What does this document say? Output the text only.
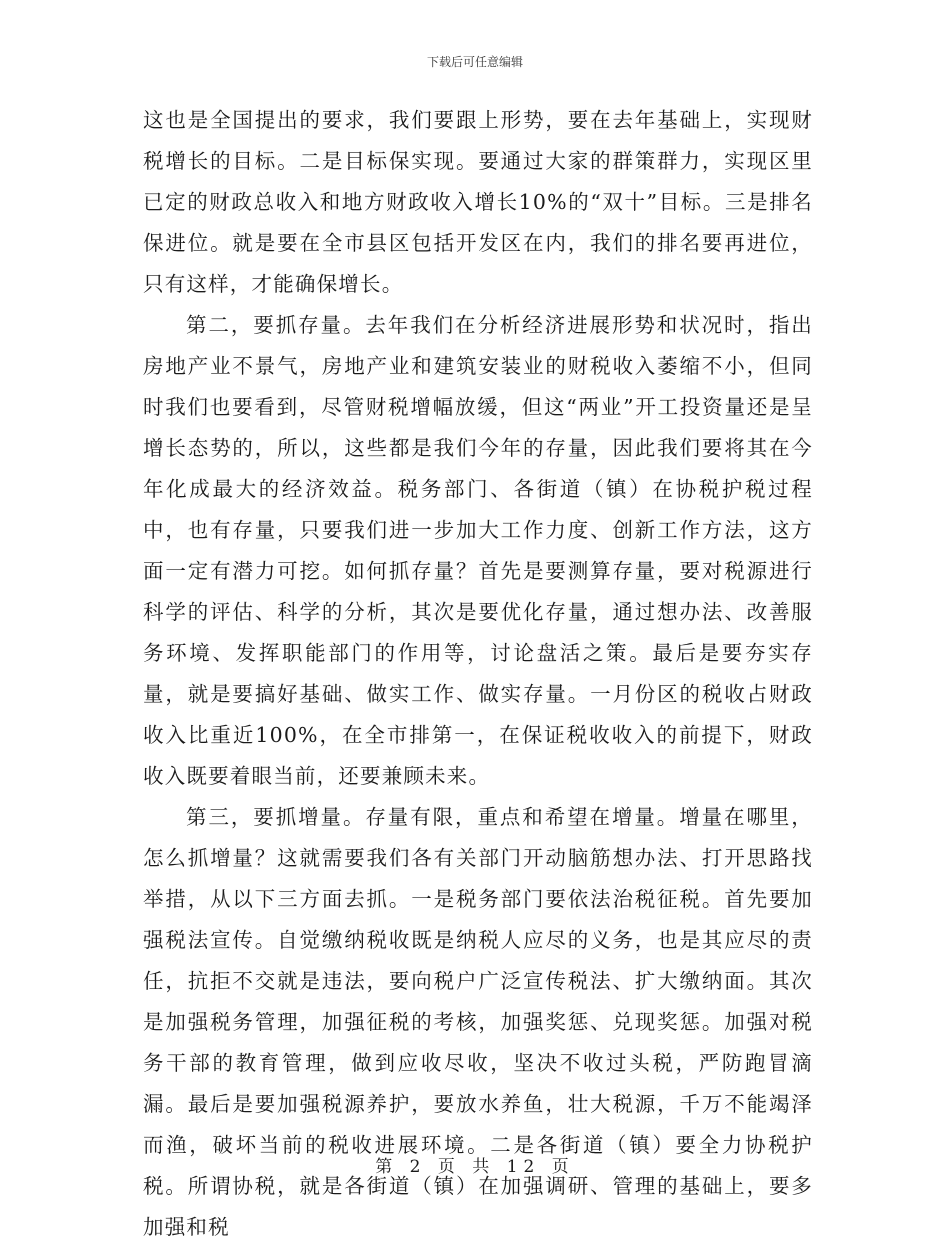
下载后可任意编辑

这也是全国提出的要求，我们要跟上形势，要在去年基础上，实现财税增长的目标。二是目标保实现。要通过大家的群策群力，实现区里已定的财政总收入和地方财政收入增长10%的“双十”目标。三是排名保进位。就是要在全市县区包括开发区在内，我们的排名要再进位，只有这样，才能确保增长。

第二，要抓存量。去年我们在分析经济进展形势和状况时，指出房地产业不景气，房地产业和建筑安装业的财税收入萎缩不小，但同时我们也要看到，尽管财税增幅放缓，但这“两业”开工投资量还是呈增长态势的，所以，这些都是我们今年的存量，因此我们要将其在今年化成最大的经济效益。税务部门、各街道（镇）在协税护税过程中，也有存量，只要我们进一步加大工作力度、创新工作方法，这方面一定有潜力可挖。如何抓存量？首先是要测算存量，要对税源进行科学的评估、科学的分析，其次是要优化存量，通过想办法、改善服务环境、发挥职能部门的作用等，讨论盘活之策。最后是要夯实存量，就是要搞好基础、做实工作、做实存量。一月份区的税收占财政收入比重近100%，在全市排第一，在保证税收收入的前提下，财政收入既要着眼当前，还要兼顾未来。

第三，要抓增量。存量有限，重点和希望在增量。增量在哪里，怎么抓增量？这就需要我们各有关部门开动脑筋想办法、打开思路找举措，从以下三方面去抓。一是税务部门要依法治税征税。首先要加强税法宣传。自觉缴纳税收既是纳税人应尽的义务，也是其应尽的责任，抗拒不交就是违法，要向税户广泛宣传税法、扩大缴纳面。其次是加强税务管理，加强征税的考核，加强奖惩、兑现奖惩。加强对税务干部的教育管理，做到应收尽收，坚决不收过头税，严防跑冒滴漏。最后是要加强税源养护，要放水养鱼，壮大税源，千万不能竭泽而渔，破坏当前的税收进展环境。二是各街道（镇）要全力协税护税。所谓协税，就是各街道（镇）在加强调研、管理的基础上，要多加强和税

第 2 页 共 12 页
